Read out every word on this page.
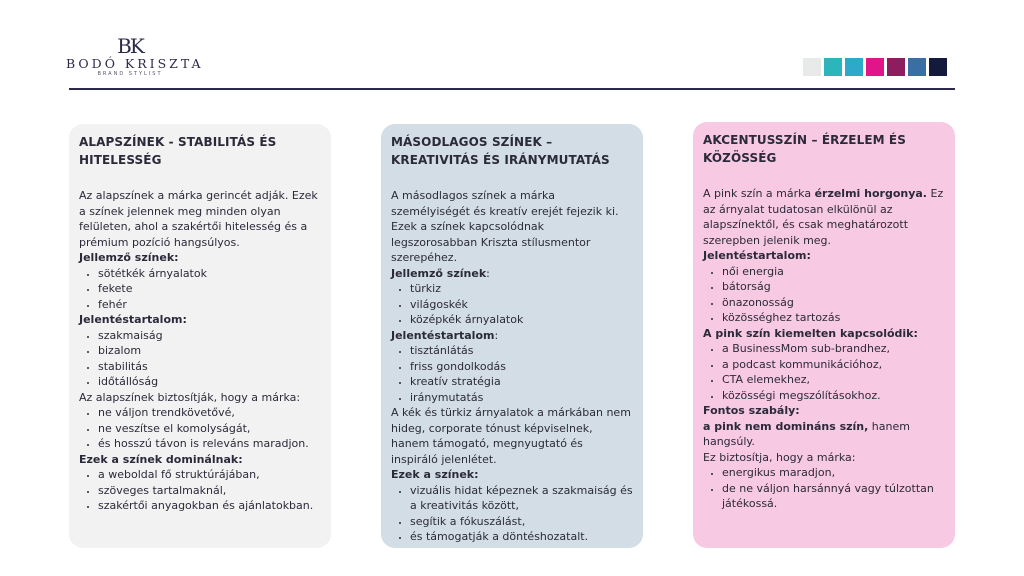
BK
BODÓ KRISZTA
BRAND STYLIST
ALAPSZÍNEK - STABILITÁS ÉS HITELESSÉG

Az alapszínek a márka gerincét adják. Ezek a színek jelennek meg minden olyan felületen, ahol a szakértői hitelesség és a prémium pozíció hangsúlyos.

Jellemző színek:
• sötétkék árnyalatok
• fekete
• fehér
Jelentéstartalom:
• szakmaiság
• bizalom
• stabilitás
• időtállóság

Az alapszínek biztosítják, hogy a márka:

• ne váljon trendkövetővé,
• ne veszítse el komolyságát,
• és hosszú távon is releváns maradjon.
Ezek a színek dominálnak:
• a weboldal fő struktúrájában,
• szöveges tartalmaknál,
• szakértői anyagokban és ajánlatokban.
MÁSODLAGOS SZÍNEK – KREATIVITÁS ÉS IRÁNYMUTATÁS

A másodlagos színek a márka személyiségét és kreatív erejét fejezik ki. Ezek a színek kapcsolódnak legszorosabban Kriszta stílusmentor szerepéhez.

Jellemző színek:
• türkiz
• világoskék
• középkék árnyalatok
Jelentéstartalom:
• tisztánlátás
• friss gondolkodás
• kreatív stratégia
• iránymutatás

A kék és türkiz árnyalatok a márkában nem hideg, corporate tónust képviselnek, hanem támogató, megnyugtató és inspiráló jelenlétet.

Ezek a színek:
• vizuális hidat képeznek a szakmaiság és a kreativitás között,
• segítik a fókuszálást,
• és támogatják a döntéshozatalt.
AKCENTUSSZÍN – ÉRZELEM ÉS KÖZÖSSÉG

A pink szín a márka érzelmi horgonya. Ez az árnyalat tudatosan elkülönül az alapszínektől, és csak meghatározott szerepben jelenik meg.

Jelentéstartalom:
• női energia
• bátorság
• önazonosság
• közösséghez tartozás
A pink szín kiemelten kapcsolódik:
• a BusinessMom sub-brandhez,
• a podcast kommunikációhoz,
• CTA elemekhez,
• közösségi megszólításokhoz.
Fontos szabály:

a pink nem domináns szín, hanem hangsúly.

Ez biztosítja, hogy a márka:

• energikus maradjon,
• de ne váljon harsánnyá vagy túlzottan játékossá.
